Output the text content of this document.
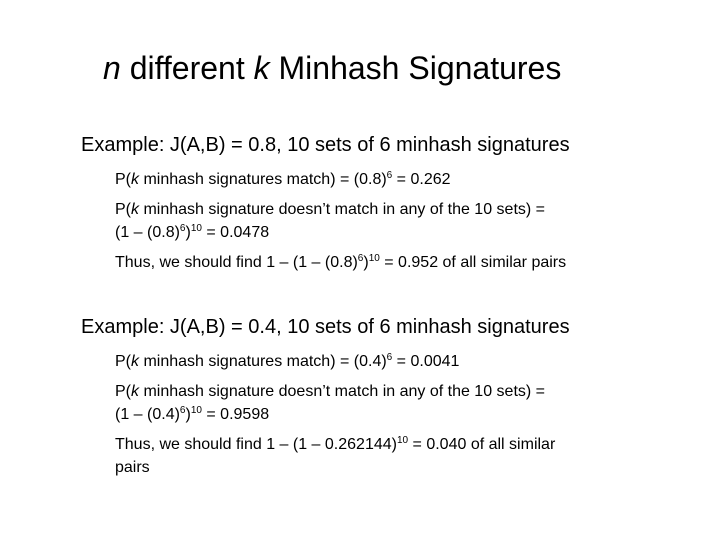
n different k Minhash Signatures
Example: J(A,B) = 0.8, 10 sets of 6 minhash signatures
P(k minhash signatures match) = $(0.8)^6 = 0.262$
P(k minhash signature doesn’t match in any of the 10 sets) =
$(1 - (0.8)^6)^{10} = 0.0478$
Thus, we should find $1 - (1 - (0.8)^6)^{10} = 0.952$ of all similar pairs
Example: J(A,B) = 0.4, 10 sets of 6 minhash signatures
P(k minhash signatures match) = $(0.4)^6 = 0.0041$
P(k minhash signature doesn’t match in any of the 10 sets) =
$(1 - (0.4)^6)^{10} = 0.9598$
Thus, we should find 1 – (1 – 0.262144)$^{10}$ = 0.040 of all similar
pairs
